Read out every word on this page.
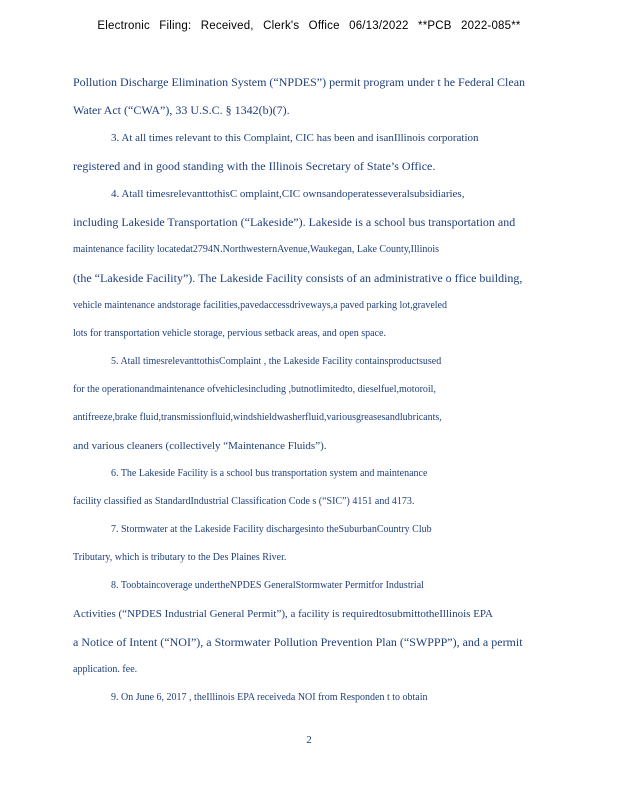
Electronic Filing: Received, Clerk's Office 06/13/2022 **PCB 2022-085**
Pollution Discharge Elimination System (“NPDES”) permit program under t he Federal Clean
Water Act (“CWA”), 33 U.S.C. § 1342(b)(7).
3. At all times relevant to this Complaint, CIC has been and isanIllinois corporation
registered and in good standing with the Illinois Secretary of State’s Office.
4. Atall timesrelevanttothisC omplaint,CIC ownsandoperatesseveralsubsidiaries,
including Lakeside Transportation (“Lakeside”). Lakeside is a school bus transportation and
maintenance facility locatedat2794N.NorthwesternAvenue,Waukegan, Lake County,Illinois
(the “Lakeside Facility”). The Lakeside Facility consists of an administrative o ffice building,
vehicle maintenance andstorage facilities,pavedaccessdriveways,a paved parking lot,graveled
lots for transportation vehicle storage, pervious setback areas, and open space.
5. Atall timesrelevanttothisComplaint , the Lakeside Facility containsproductsused
for the operationandmaintenance ofvehiclesincluding ,butnotlimitedto, dieselfuel,motoroil,
antifreeze,brake fluid,transmissionfluid,windshieldwasherfluid,variousgreasesandlubricants,
and various cleaners (collectively “Maintenance Fluids”).
6. The Lakeside Facility is a school bus transportation system and maintenance
facility classified as StandardIndustrial Classification Code s (“SIC”) 4151 and 4173.
7. Stormwater at the Lakeside Facility dischargesinto theSuburbanCountry Club
Tributary, which is tributary to the Des Plaines River.
8. Toobtaincoverage undertheNPDES GeneralStormwater Permitfor Industrial
Activities (“NPDES Industrial General Permit”), a facility is requiredtosubmittotheIllinois EPA
a Notice of Intent (“NOI”), a Stormwater Pollution Prevention Plan (“SWPPP”), and a permit
application. fee.
9. On June 6, 2017 , theIllinois EPA receiveda NOI from Responden t to obtain
2
